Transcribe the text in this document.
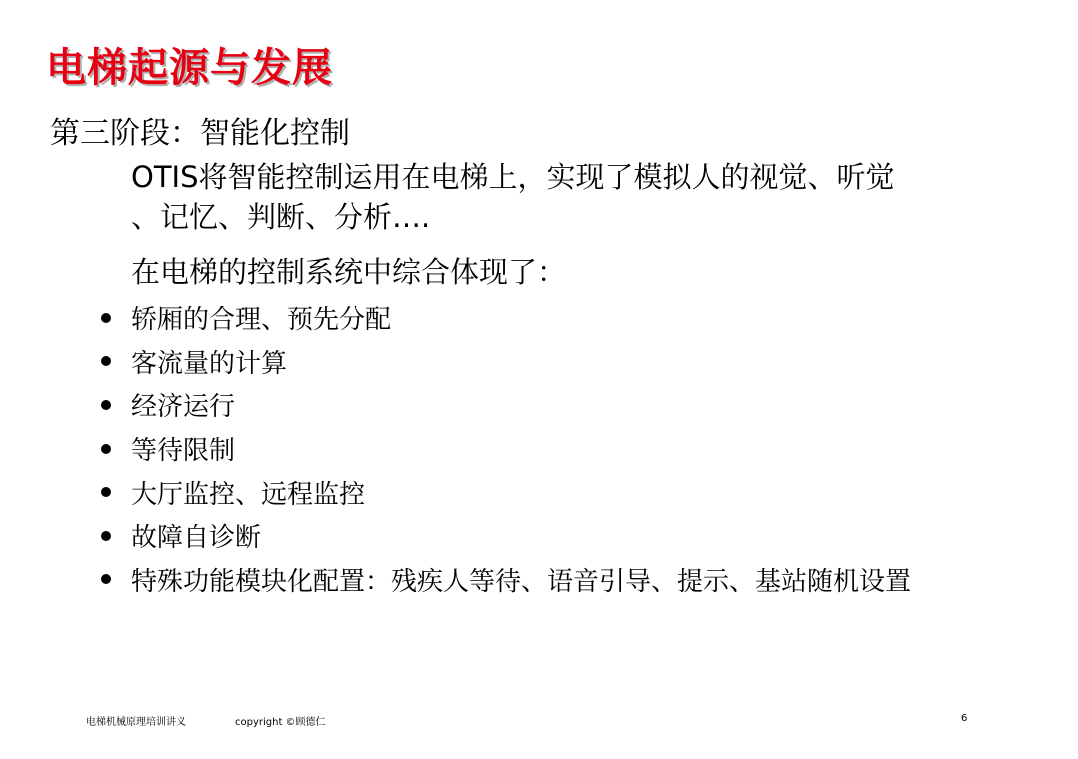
电梯起源与发展
第三阶段：智能化控制
OTIS将智能控制运用在电梯上，实现了模拟人的视觉、听觉
、记忆、判断、分析….
在电梯的控制系统中综合体现了：
轿厢的合理、预先分配
客流量的计算
经济运行
等待限制
大厅监控、远程监控
故障自诊断
特殊功能模块化配置：残疾人等待、语音引导、提示、基站随机设置
电梯机械原理培训讲义	copyright ©顾德仁	6
